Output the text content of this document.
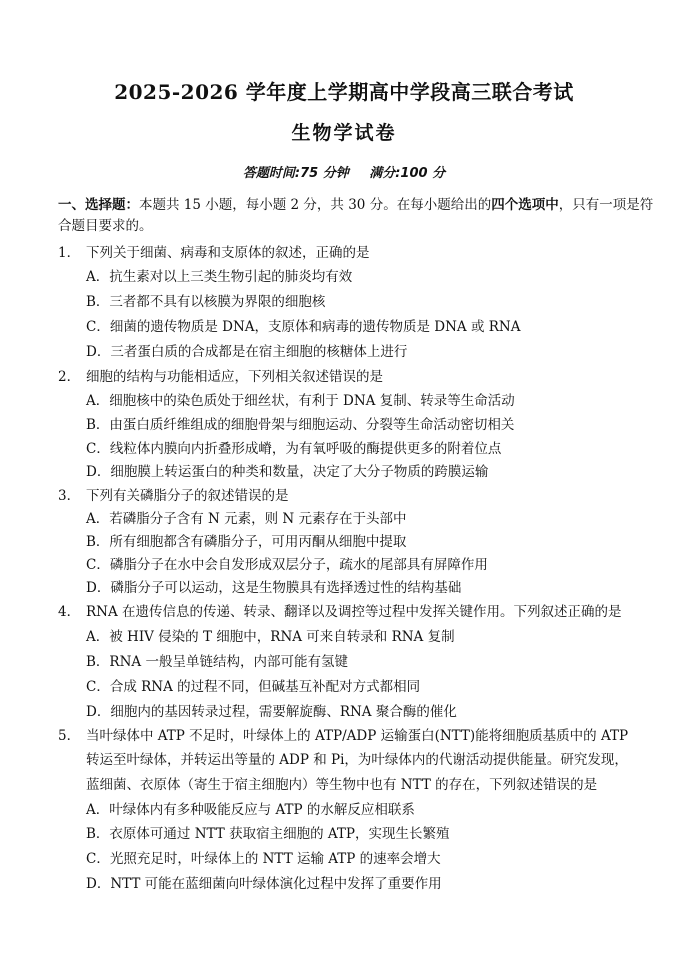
2025-2026 学年度上学期高中学段高三联合考试
生物学试卷
答题时间:75 分钟 满分:100 分
一、选择题：本题共 15 小题，每小题 2 分，共 30 分。在每小题给出的四个选项中，只有一项是符合题目要求的。
1． 下列关于细菌、病毒和支原体的叙述，正确的是
A．抗生素对以上三类生物引起的肺炎均有效
B．三者都不具有以核膜为界限的细胞核
C．细菌的遗传物质是 DNA，支原体和病毒的遗传物质是 DNA 或 RNA
D．三者蛋白质的合成都是在宿主细胞的核糖体上进行
2． 细胞的结构与功能相适应，下列相关叙述错误的是
A．细胞核中的染色质处于细丝状，有利于 DNA 复制、转录等生命活动
B．由蛋白质纤维组成的细胞骨架与细胞运动、分裂等生命活动密切相关
C．线粒体内膜向内折叠形成嵴，为有氧呼吸的酶提供更多的附着位点
D．细胞膜上转运蛋白的种类和数量，决定了大分子物质的跨膜运输
3． 下列有关磷脂分子的叙述错误的是
A．若磷脂分子含有 N 元素，则 N 元素存在于头部中
B．所有细胞都含有磷脂分子，可用丙酮从细胞中提取
C．磷脂分子在水中会自发形成双层分子，疏水的尾部具有屏障作用
D．磷脂分子可以运动，这是生物膜具有选择透过性的结构基础
4． RNA 在遗传信息的传递、转录、翻译以及调控等过程中发挥关键作用。下列叙述正确的是
A．被 HIV 侵染的 T 细胞中，RNA 可来自转录和 RNA 复制
B．RNA 一般呈单链结构，内部可能有氢键
C．合成 RNA 的过程不同，但碱基互补配对方式都相同
D．细胞内的基因转录过程，需要解旋酶、RNA 聚合酶的催化
5． 当叶绿体中 ATP 不足时，叶绿体上的 ATP/ADP 运输蛋白(NTT)能将细胞质基质中的 ATP
转运至叶绿体，并转运出等量的 ADP 和 Pi，为叶绿体内的代谢活动提供能量。研究发现，
蓝细菌、衣原体（寄生于宿主细胞内）等生物中也有 NTT 的存在，下列叙述错误的是
A．叶绿体内有多种吸能反应与 ATP 的水解反应相联系
B．衣原体可通过 NTT 获取宿主细胞的 ATP，实现生长繁殖
C．光照充足时，叶绿体上的 NTT 运输 ATP 的速率会增大
D．NTT 可能在蓝细菌向叶绿体演化过程中发挥了重要作用
